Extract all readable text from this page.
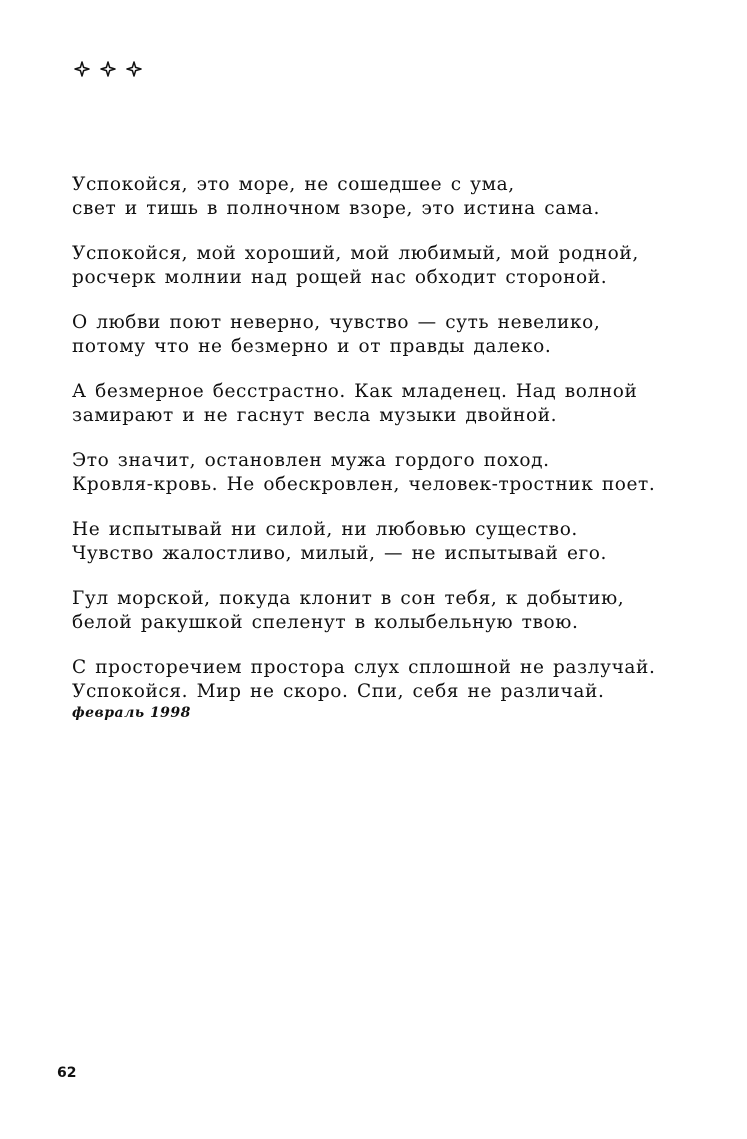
Успокойся, это море, не сошедшее с ума,
свет и тишь в полночном взоре, это истина сама.
Успокойся, мой хороший, мой любимый, мой родной,
росчерк молнии над рощей нас обходит стороной.
О любви поют неверно, чувство — суть невелико,
потому что не безмерно и от правды далеко.
А безмерное бесстрастно. Как младенец. Над волной
замирают и не гаснут весла музыки двойной.
Это значит, остановлен мужа гордого поход.
Кровля-кровь. Не обескровлен, человек-тростник поет.
Не испытывай ни силой, ни любовью существо.
Чувство жалостливо, милый, — не испытывай его.
Гул морской, покуда клонит в сон тебя, к добытию,
белой ракушкой спеленут в колыбельную твою.
С просторечием простора слух сплошной не разлучай.
Успокойся. Мир не скоро. Спи, себя не различай.
февраль 1998
62
